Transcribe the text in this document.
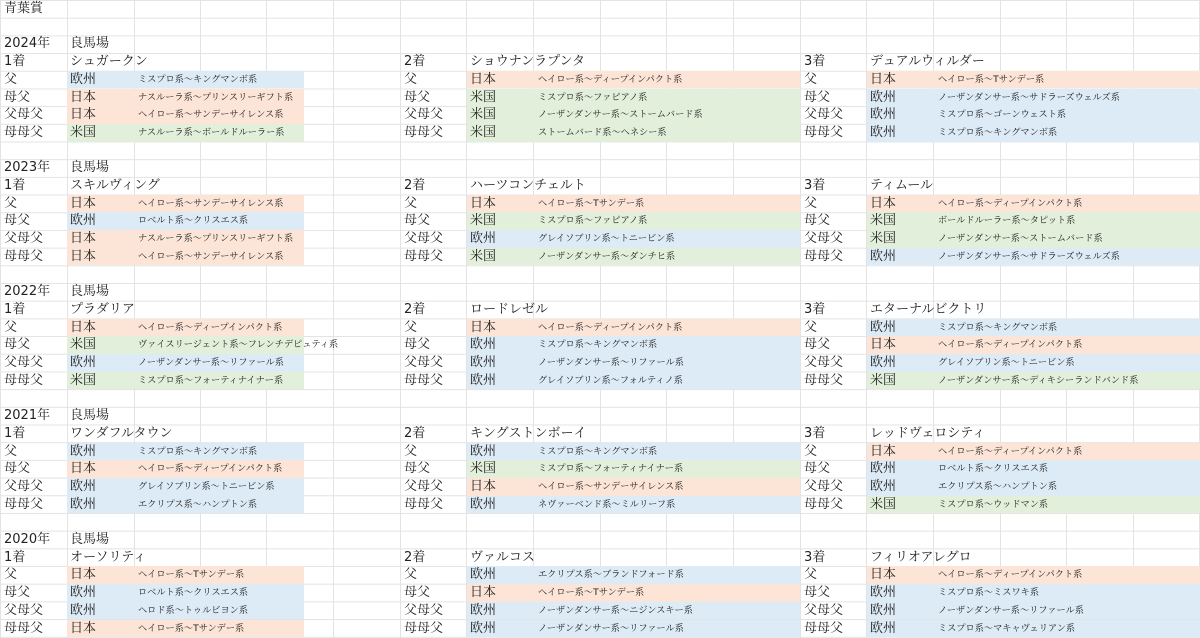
青葉賞
2024年 良馬場
1着	シュガークン
父	欧州	ミスプロ系～キングマンボ系
母父	日本	ナスルーラ系～プリンスリーギフト系
父母父 日本	ヘイロー系～サンデーサイレンス系
母母父 米国	ナスルーラ系～ボールドルーラー系
2着	ショウナンラプンタ
父	日本	ヘイロー系～ディープインパクト系
母父	米国	ミスプロ系～ファピアノ系
父母父 米国	ノーザンダンサー系～ストームバード系
母母父 米国	ストームバード系～ヘネシー系
3着	デュアルウィルダー
父	日本	ヘイロー系～Tサンデー系
母父	欧州	ノーザンダンサー系～サドラーズウェルズ系
父母父 欧州	ミスプロ系～ゴーンウェスト系
母母父 欧州	ミスプロ系～キングマンボ系
2023年 良馬場
1着	スキルヴィング
父	日本	ヘイロー系～サンデーサイレンス系
母父	欧州	ロベルト系～クリスエス系
父母父 日本	ナスルーラ系～プリンスリーギフト系
母母父 日本	ヘイロー系～サンデーサイレンス系
2着	ハーツコンチェルト
父	日本	ヘイロー系～Tサンデー系
母父	米国	ミスプロ系～ファピアノ系
父母父 欧州	グレイソブリン系～トニービン系
母母父 米国	ノーザンダンサー系～ダンチヒ系
3着	ティムール
父	日本	ヘイロー系～ディープインパクト系
母父	米国	ボールドルーラー系～タピット系
父母父 米国	ノーザンダンサー系～ストームバード系
母母父 欧州	ノーザンダンサー系～サドラーズウェルズ系
2022年 良馬場
1着	プラダリア
父	日本	ヘイロー系～ディープインパクト系
母父	米国	ヴァイスリージェント系～フレンチデピュティ系
父母父 欧州	ノーザンダンサー系～リファール系
母母父 米国	ミスプロ系～フォーティナイナー系
2着	ロードレゼル
父	日本	ヘイロー系～ディープインパクト系
母父	欧州	ミスプロ系～キングマンボ系
父母父 欧州	ノーザンダンサー系～リファール系
母母父 欧州	グレイソブリン系～フォルティノ系
3着	エターナルビクトリ
父	欧州	ミスプロ系～キングマンボ系
母父	日本	ヘイロー系～ディープインパクト系
父母父 欧州	グレイソブリン系～トニービン系
母母父 米国	ノーザンダンサー系～ディキシーランドバンド系
2021年 良馬場
1着	ワンダフルタウン
父	欧州	ミスプロ系～キングマンボ系
母父	日本	ヘイロー系～ディープインパクト系
父母父 欧州	グレイソブリン系～トニービン系
母母父 欧州	エクリプス系～ハンプトン系
2着	キングストンボーイ
父	欧州	ミスプロ系～キングマンボ系
母父	米国	ミスプロ系～フォーティナイナー系
父母父 日本	ヘイロー系～サンデーサイレンス系
母母父 欧州	ネヴァーベンド系～ミルリーフ系
3着	レッドヴェロシティ
父	日本	ヘイロー系～ディープインパクト系
母父	欧州	ロベルト系～クリスエス系
父母父 欧州	エクリプス系～ハンプトン系
母母父 米国	ミスプロ系～ウッドマン系
2020年 良馬場
1着	オーソリティ
父	日本	ヘイロー系～Tサンデー系
母父	欧州	ロベルト系～クリスエス系
父母父 欧州	ヘロド系～トゥルビヨン系
母母父 日本	ヘイロー系～Tサンデー系
2着	ヴァルコス
父	欧州	エクリプス系～ブランドフォード系
母父	日本	ヘイロー系～Tサンデー系
父母父 欧州	ノーザンダンサー系～ニジンスキー系
母母父 欧州	ノーザンダンサー系～リファール系
3着	フィリオアレグロ
父	日本	ヘイロー系～ディープインパクト系
母父	欧州	ミスプロ系～ミスワキ系
父母父 欧州	ノーザンダンサー系～リファール系
母母父 欧州	ミスプロ系～マキャヴェリアン系
